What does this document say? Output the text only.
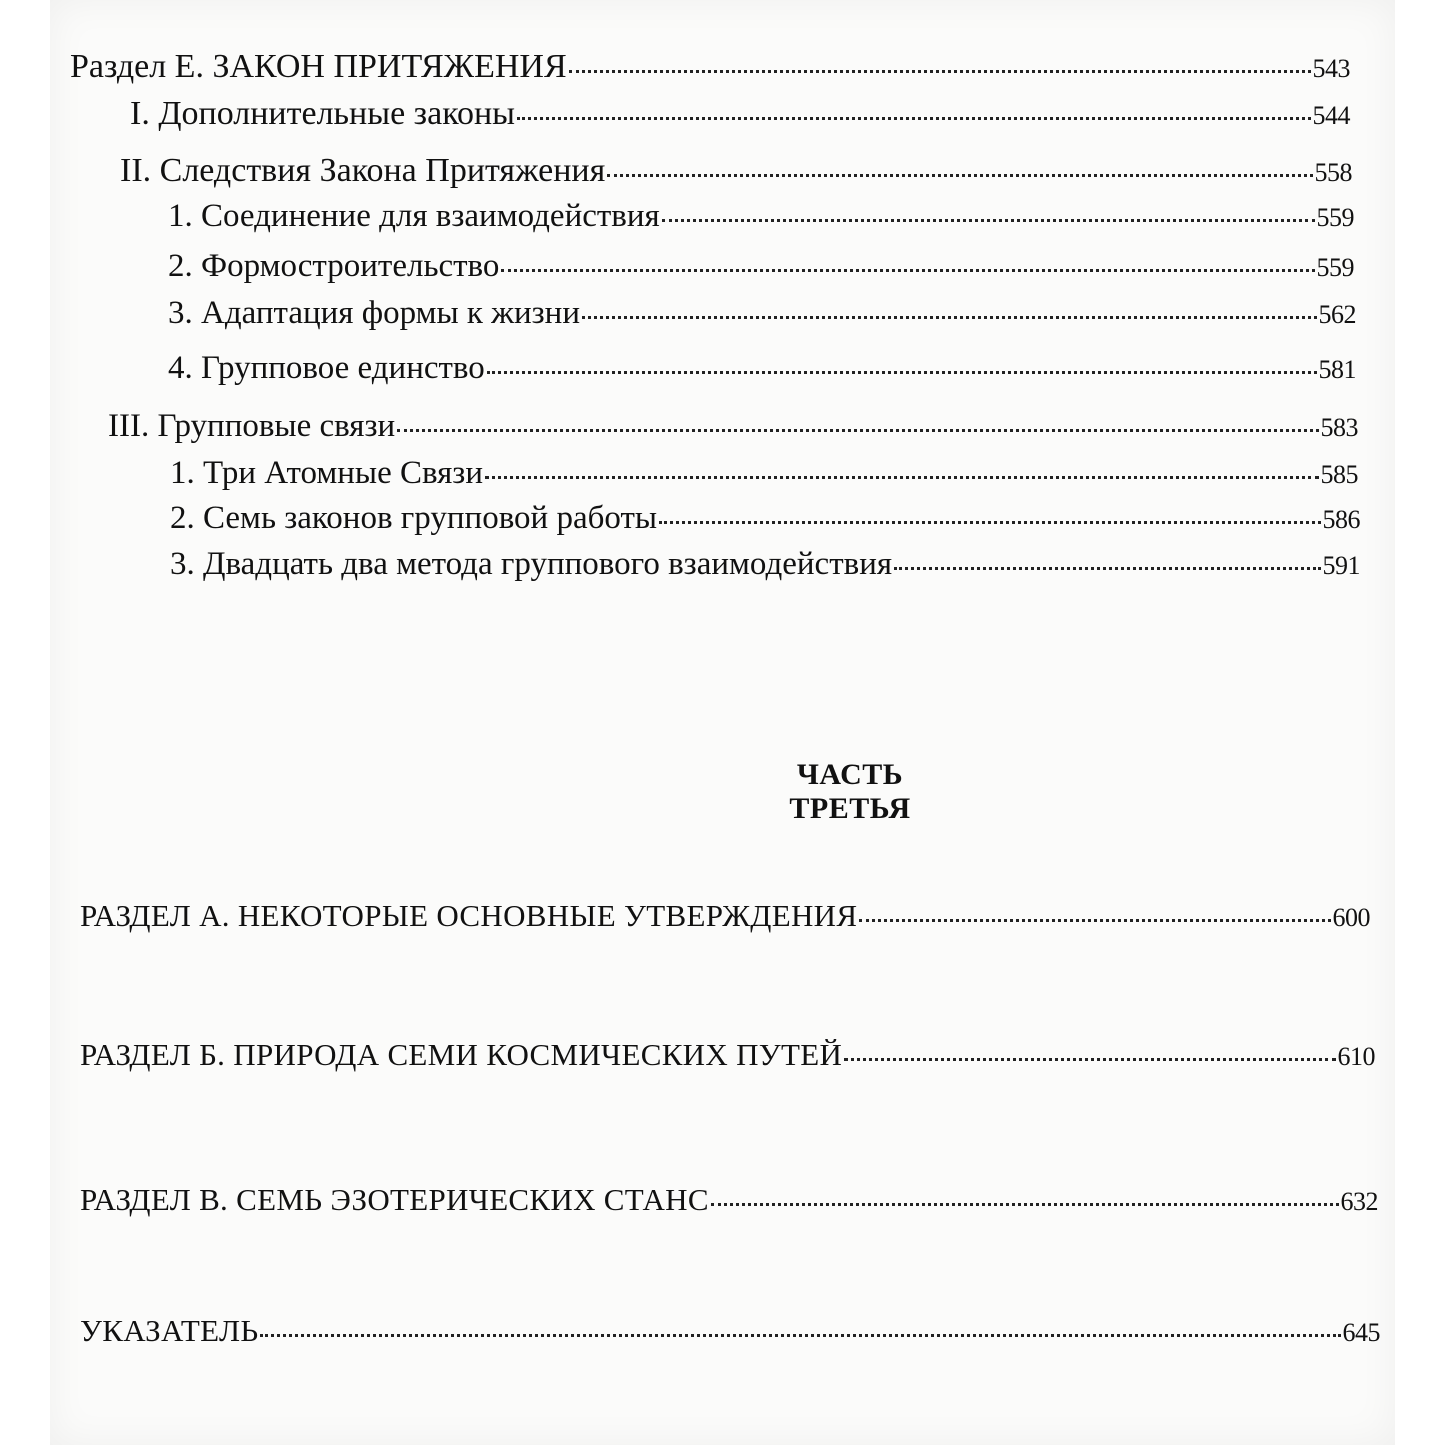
Раздел Е. ЗАКОН ПРИТЯЖЕНИЯ	543
I. Дополнительные законы	544
II. Следствия Закона Притяжения	558
1. Соединение для взаимодействия	559
2. Формостроительство	559
3. Адаптация формы к жизни	562
4. Групповое единство	581
III. Групповые связи	583
1. Три Атомные Связи	585
2. Семь законов групповой работы	586
3. Двадцать два метода группового взаимодействия	591
ЧАСТЬ ТРЕТЬЯ
РАЗДЕЛ А. НЕКОТОРЫЕ ОСНОВНЫЕ УТВЕРЖДЕНИЯ	600
РАЗДЕЛ Б. ПРИРОДА СЕМИ КОСМИЧЕСКИХ ПУТЕЙ	610
РАЗДЕЛ В. СЕМЬ ЭЗОТЕРИЧЕСКИХ СТАНС	632
УКАЗАТЕЛЬ	645
